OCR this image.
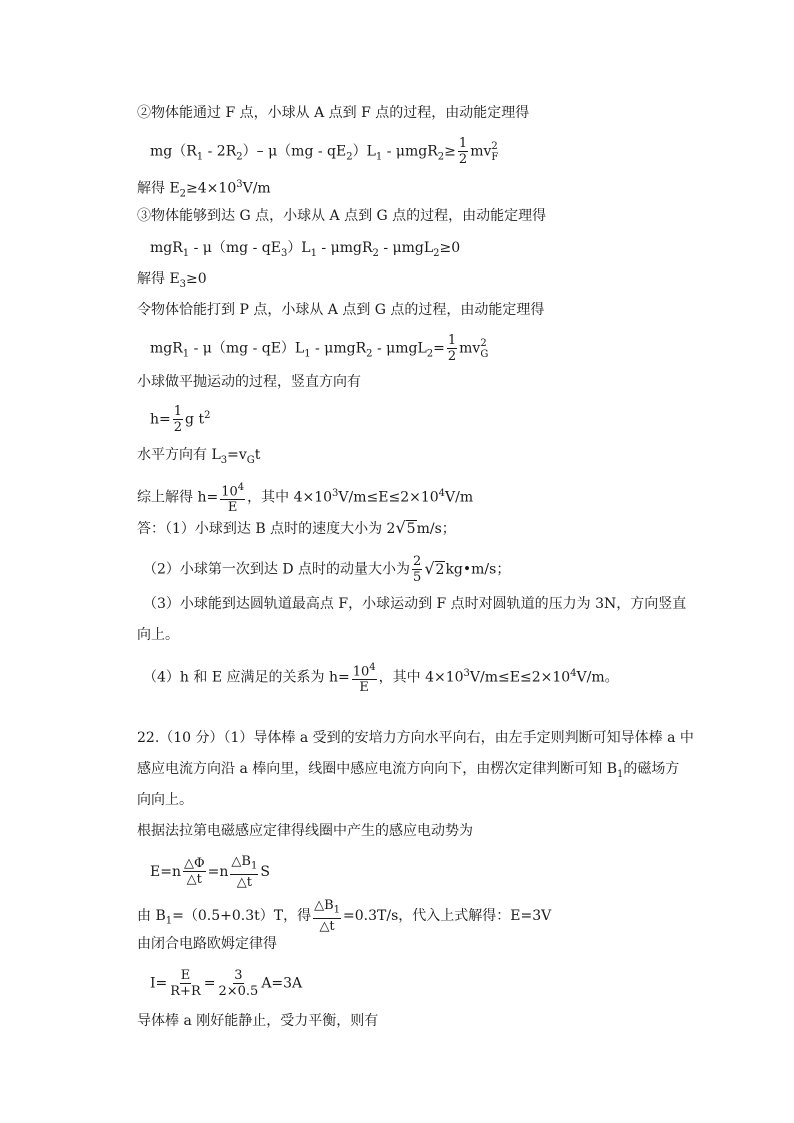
②物体能通过 F 点，小球从 A 点到 F 点的过程，由动能定理得
$mg(R_1 - 2R_2)-$ $\mu(mg - qE_2)L_1 - \mu mgR_2\ge \frac{1}{2}$ mv 2
F
解得 $E_2\ge 4\times 10^3V/m$
③物体能够到达 G 点，小球从 A 点到 G 点的过程，由动能定理得
$mgR_1 - \mu(mg - qE_3)L_1 - \mu mgR_2 - \mu mgL_2\ge 0$
解得 $E_3\ge 0$
令物体恰能打到 P 点，小球从 A 点到 G 点的过程，由动能定理得
$mgR_1 - \mu(mg - qE)L_1 - \mu mgR_2 - \mu mgL_2= \frac{1}{2}$ mv 2
G
小球做平抛运动的过程，竖直方向有
$h= \frac{1}{2}$ g $t^2$
水平方向有 $L_3=v_Gt$
综上解得 $h= \frac{10^4}{E}$ ，其中 $4\times 10^3V/m\le E\le 2\times 10^4V/m$
答：（1）小球到达 B 点时的速度大小为 2√5m/s；
（2）小球第一次到达 D 点时的动量大小为 $\frac{2}{5}$ √2kg•m/s；
（3）小球能到达圆轨道最高点 F，小球运动到 F 点时对圆轨道的压力为 3N，方向竖直
向上。
（4）h 和 E 应满足的关系为 $h= \frac{10^4}{E}$ ，其中 $4\times 10^3V/m\le E\le 2\times 10^4V/m$。
22.（10 分）（1）导体棒 a 受到的安培力方向水平向右，由左手定则判断可知导体棒 a 中
感应电流方向沿 a 棒向里，线圈中感应电流方向向下，由楞次定律判断可知 $B_1$的磁场方
向向上。
根据法拉第电磁感应定律得线圈中产生的感应电动势为
$E=n \frac{\triangle\Phi}{\triangle t} =n \frac{\triangle B_1}{\triangle t}$ S
由 $B_1=(0.5+0.3t)T$，得 $\frac{\triangle B_1}{\triangle t} =0.3T/s$，代入上式解得：E=3V
由闭合电路欧姆定律得
$I= \frac{E}{R+R} = \frac{3}{2\times 0.5} A=3A$
导体棒 a 刚好能静止，受力平衡，则有
